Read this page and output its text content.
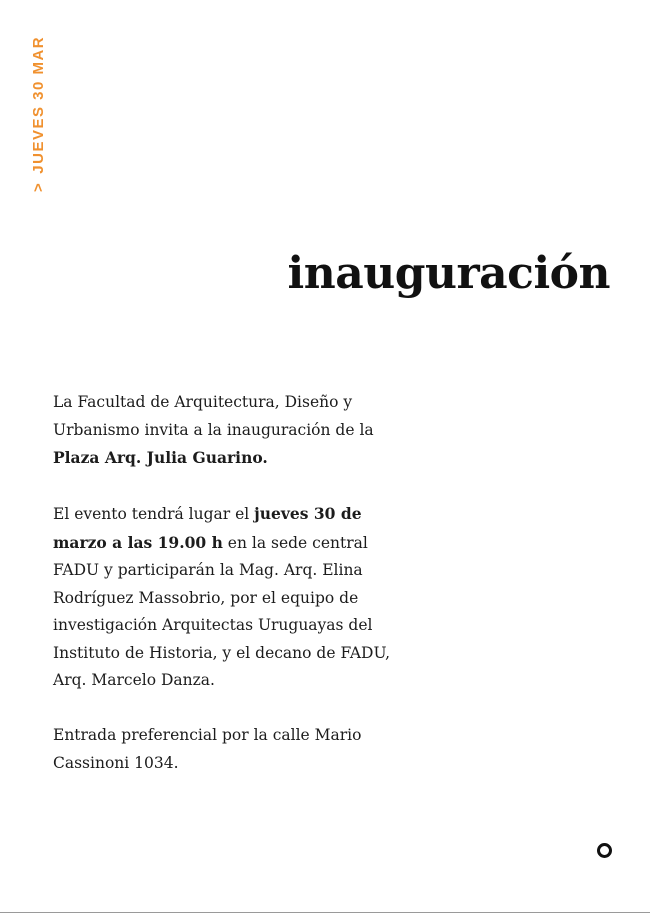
>JUEVES 30 MAR
inauguración

La Facultad de Arquitectura, Diseño y Urbanismo invita a la inauguración de la Plaza Arq. Julia Guarino.

El evento tendrá lugar el jueves 30 de marzo a las 19.00 h en la sede central FADU y participarán la Mag. Arq. Elina Rodríguez Massobrio, por el equipo de investigación Arquitectas Uruguayas del Instituto de Historia, y el decano de FADU, Arq. Marcelo Danza.

Entrada preferencial por la calle Mario Cassinoni 1034.
